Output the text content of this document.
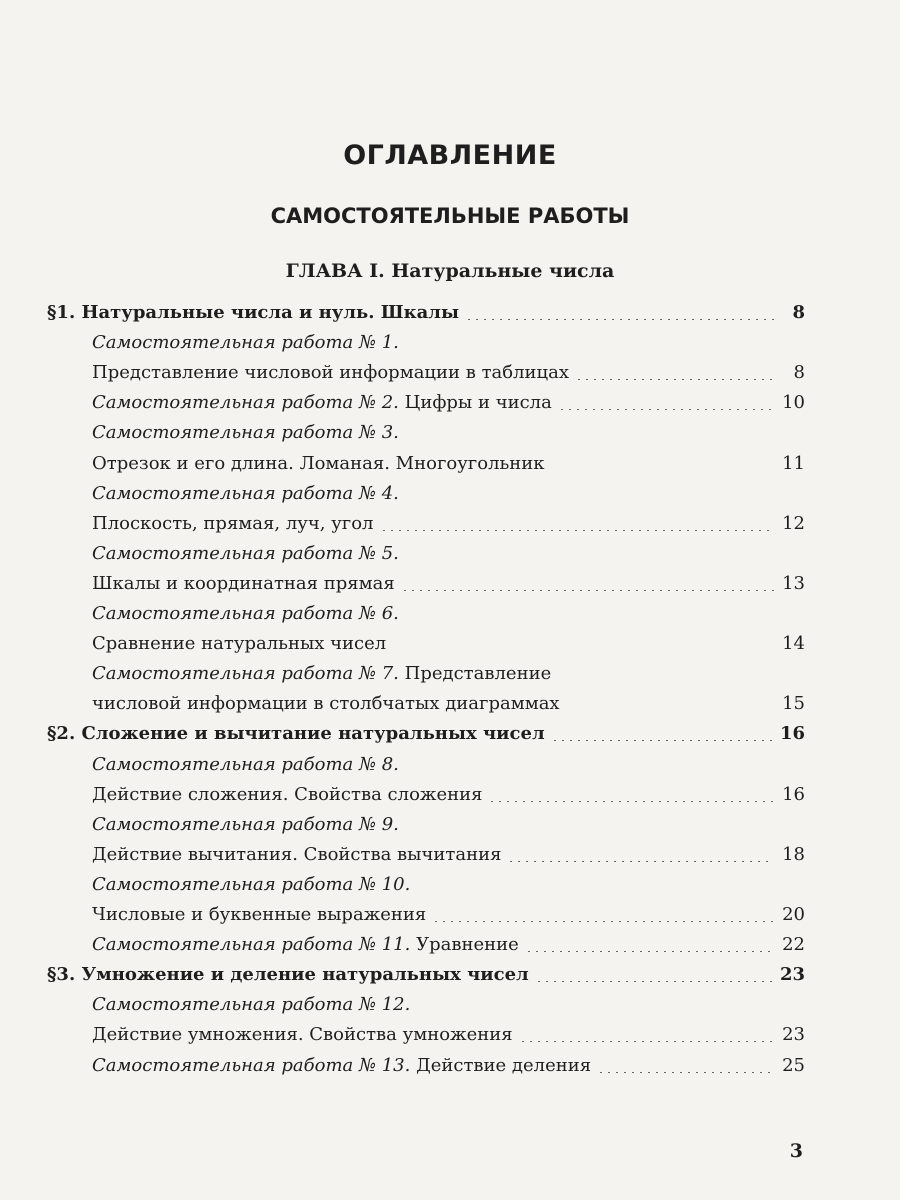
ОГЛАВЛЕНИЕ
САМОСТОЯТЕЛЬНЫЕ РАБОТЫ
ГЛАВА I. Натуральные числа
§1. Натуральные числа и нуль. Шкалы	8
Самостоятельная работа № 1.
Представление числовой информации в таблицах	8
Самостоятельная работа № 2. Цифры и числа	10
Самостоятельная работа № 3.
Отрезок и его длина. Ломаная. Многоугольник	11
Самостоятельная работа № 4.
Плоскость, прямая, луч, угол	12
Самостоятельная работа № 5.
Шкалы и координатная прямая	13
Самостоятельная работа № 6.
Сравнение натуральных чисел	14
Самостоятельная работа № 7. Представление
числовой информации в столбчатых диаграммах	15
§2. Сложение и вычитание натуральных чисел	16
Самостоятельная работа № 8.
Действие сложения. Свойства сложения	16
Самостоятельная работа № 9.
Действие вычитания. Свойства вычитания	18
Самостоятельная работа № 10.
Числовые и буквенные выражения	20
Самостоятельная работа № 11. Уравнение	22
§3. Умножение и деление натуральных чисел	23
Самостоятельная работа № 12.
Действие умножения. Свойства умножения	23
Самостоятельная работа № 13. Действие деления	25
3
